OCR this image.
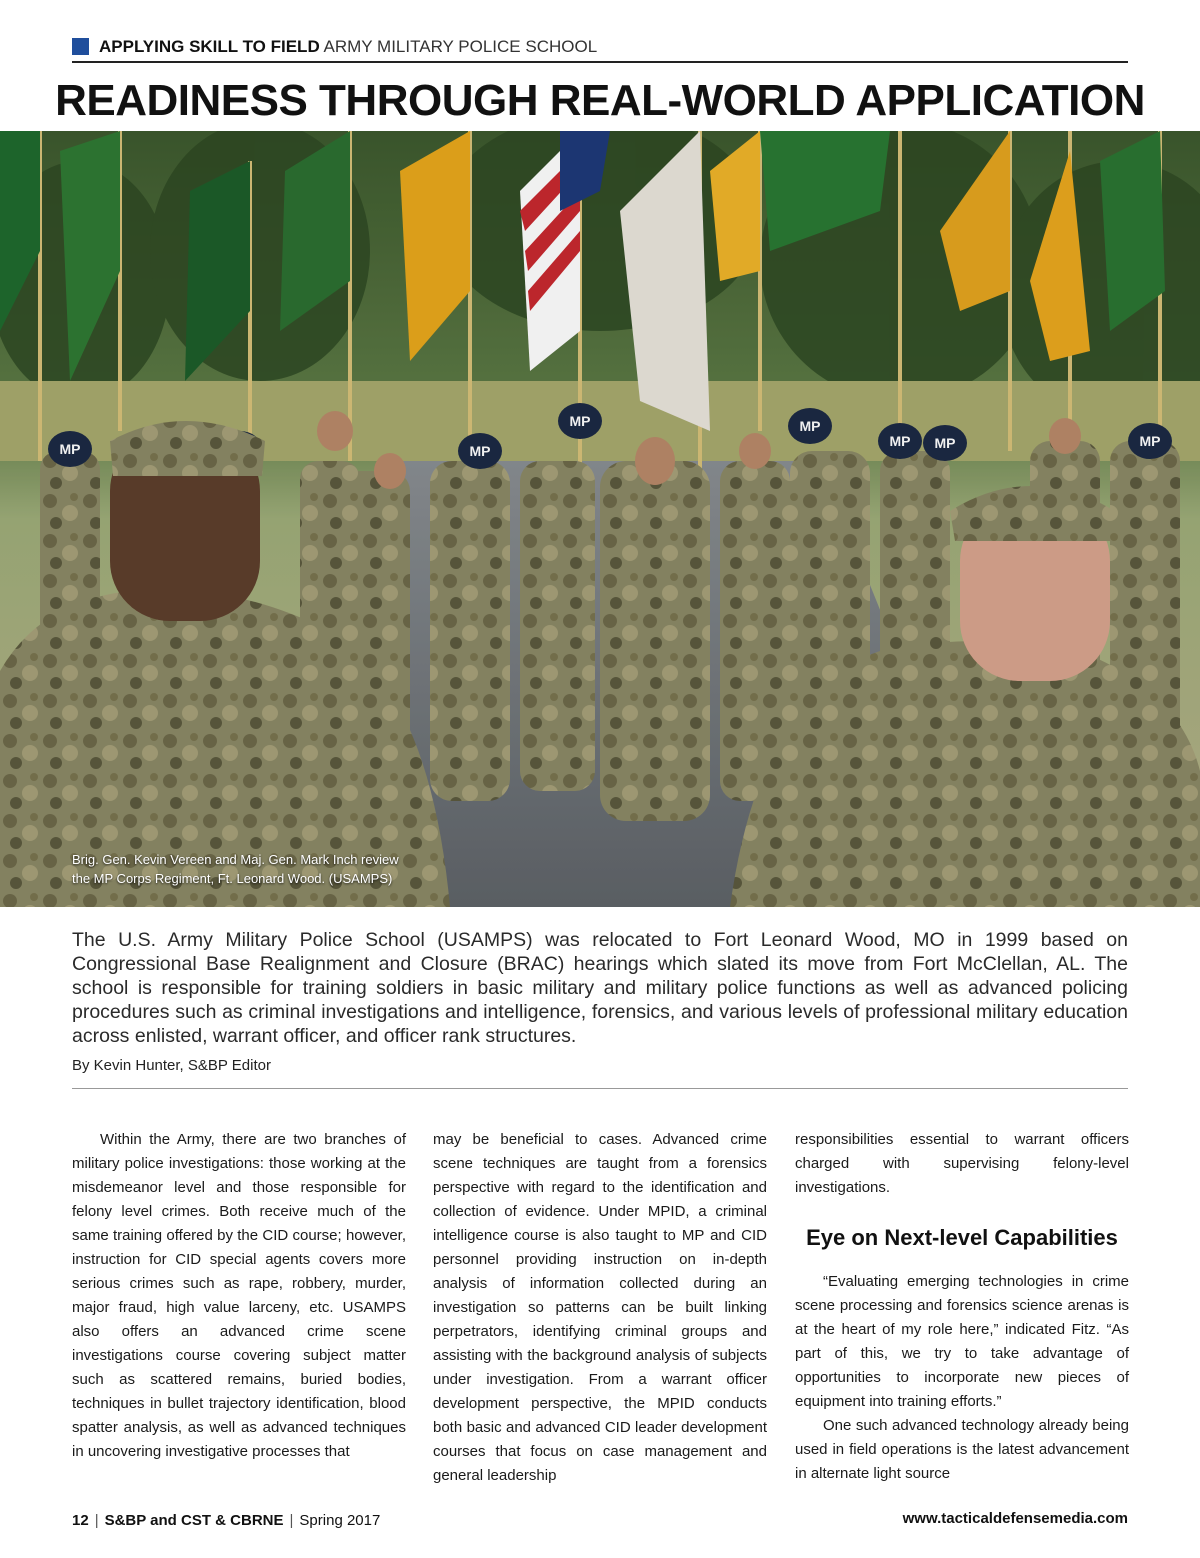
APPLYING SKILL TO FIELD ARMY MILITARY POLICE SCHOOL
READINESS THROUGH REAL-WORLD APPLICATION
MP	MP
MP	MP
MP MP	MP
Brig. Gen. Kevin Vereen and Maj. Gen. Mark Inch review
the MP Corps Regiment, Ft. Leonard Wood. (USAMPS)

The U.S. Army Military Police School (USAMPS) was relocated to Fort Leonard Wood, MO in 1999 based on Congressional Base Realignment and Closure (BRAC) hearings which slated its move from Fort McClellan, AL. The school is responsible for training soldiers in basic military and military police functions as well as advanced policing procedures such as criminal investigations and intelligence, forensics, and various levels of professional military education across enlisted, warrant officer, and officer rank structures.

By Kevin Hunter, S&BP Editor

Within the Army, there are two branches of military police investigations: those working at the misdemeanor level and those responsible for felony level crimes. Both receive much of the same training offered by the CID course; however, instruction for CID special agents covers more serious crimes such as rape, robbery, murder, major fraud, high value larceny, etc. USAMPS also offers an advanced crime scene investigations course covering subject matter such as scattered remains, buried bodies, techniques in bullet trajectory identification, blood spatter analysis, as well as advanced techniques in uncovering investigative processes that

may be beneficial to cases. Advanced crime scene techniques are taught from a forensics perspective with regard to the identification and collection of evidence. Under MPID, a criminal intelligence course is also taught to MP and CID personnel providing instruction on in-depth analysis of information collected during an investigation so patterns can be built linking perpetrators, identifying criminal groups and assisting with the background analysis of subjects under investigation. From a warrant officer development perspective, the MPID conducts both basic and advanced CID leader development courses that focus on case management and general leadership

responsibilities essential to warrant officers charged with supervising felony-level investigations.

Eye on Next-level Capabilities

“Evaluating emerging technologies in crime scene processing and forensics science arenas is at the heart of my role here,” indicated Fitz. “As part of this, we try to take advantage of opportunities to incorporate new pieces of equipment into training efforts.”

One such advanced technology already being used in field operations is the latest advancement in alternate light source

12 | S&BP and CST & CBRNE | Spring 2017	www.tacticaldefensemedia.com
